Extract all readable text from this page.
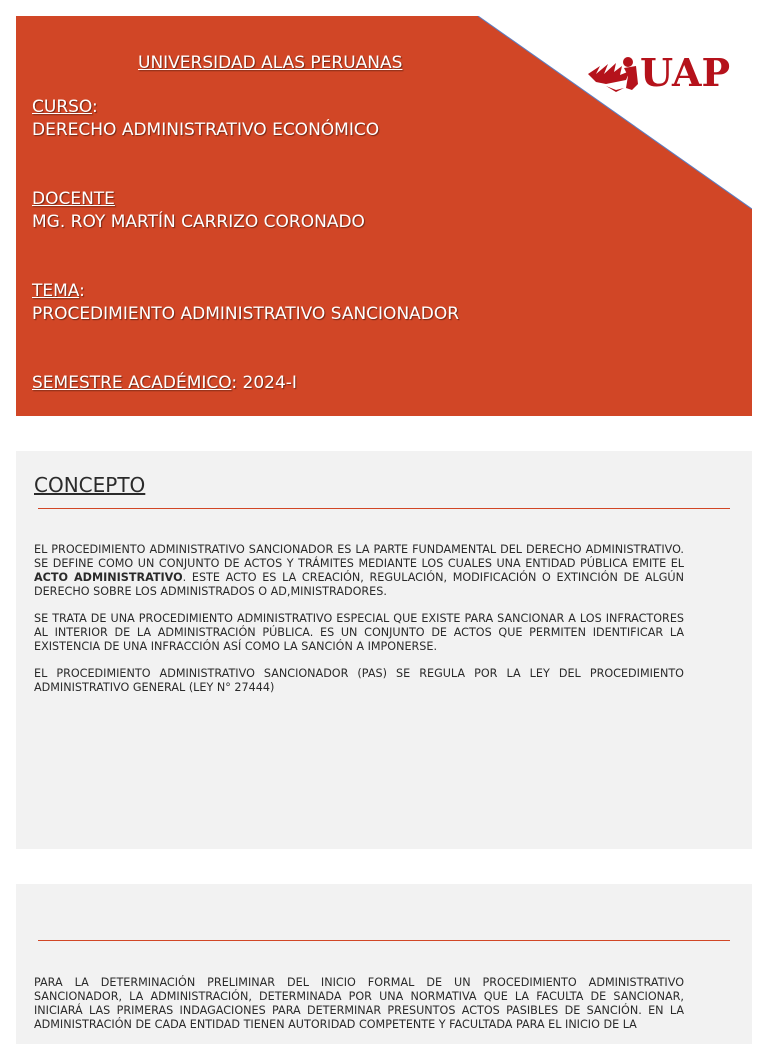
UAP
UNIVERSIDAD ALAS PERUANAS
CURSO:
DERECHO ADMINISTRATIVO ECONÓMICO
DOCENTE
MG. ROY MARTÍN CARRIZO CORONADO
TEMA:
PROCEDIMIENTO ADMINISTRATIVO SANCIONADOR
SEMESTRE ACADÉMICO: 2024-I
CONCEPTO

EL PROCEDIMIENTO ADMINISTRATIVO SANCIONADOR ES LA PARTE FUNDAMENTAL DEL DERECHO ADMINISTRATIVO. SE DEFINE COMO UN CONJUNTO DE ACTOS Y TRÁMITES MEDIANTE LOS CUALES UNA ENTIDAD PÚBLICA EMITE EL ACTO ADMINISTRATIVO. ESTE ACTO ES LA CREACIÓN, REGULACIÓN, MODIFICACIÓN O EXTINCIÓN DE ALGÚN DERECHO SOBRE LOS ADMINISTRADOS O AD,MINISTRADORES.

SE TRATA DE UNA PROCEDIMIENTO ADMINISTRATIVO ESPECIAL QUE EXISTE PARA SANCIONAR A LOS INFRACTORES AL INTERIOR DE LA ADMINISTRACIÓN PÚBLICA. ES UN CONJUNTO DE ACTOS QUE PERMITEN IDENTIFICAR LA EXISTENCIA DE UNA INFRACCIÓN ASÍ COMO LA SANCIÓN A IMPONERSE.

EL PROCEDIMIENTO ADMINISTRATIVO SANCIONADOR (PAS) SE REGULA POR LA LEY DEL PROCEDIMIENTO ADMINISTRATIVO GENERAL (LEY N° 27444)

PARA LA DETERMINACIÓN PRELIMINAR DEL INICIO FORMAL DE UN PROCEDIMIENTO ADMINISTRATIVO SANCIONADOR, LA ADMINISTRACIÓN, DETERMINADA POR UNA NORMATIVA QUE LA FACULTA DE SANCIONAR, INICIARÁ LAS PRIMERAS INDAGACIONES PARA DETERMINAR PRESUNTOS ACTOS PASIBLES DE SANCIÓN. EN LA ADMINISTRACIÓN DE CADA ENTIDAD TIENEN AUTORIDAD COMPETENTE Y FACULTADA PARA EL INICIO DE LA
